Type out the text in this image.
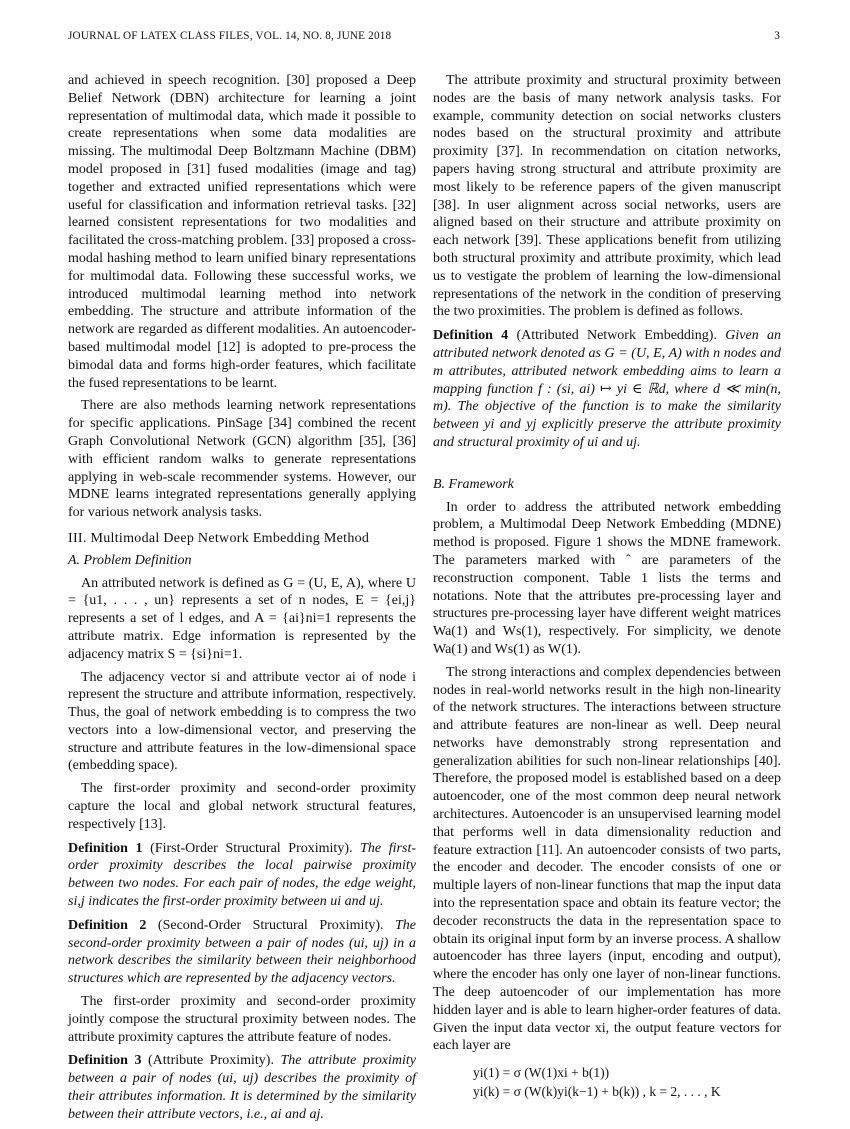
JOURNAL OF LATEX CLASS FILES, VOL. 14, NO. 8, JUNE 2018	3

and achieved in speech recognition. [30] proposed a Deep Belief Network (DBN) architecture for learning a joint representation of multimodal data, which made it possible to create representations when some data modalities are missing. The multimodal Deep Boltzmann Machine (DBM) model proposed in [31] fused modalities (image and tag) together and extracted unified representations which were useful for classification and information retrieval tasks. [32] learned consistent representations for two modalities and facilitated the cross-matching problem. [33] proposed a cross-modal hashing method to learn unified binary representations for multimodal data. Following these successful works, we introduced multimodal learning method into network embedding. The structure and attribute information of the network are regarded as different modalities. An autoencoder-based multimodal model [12] is adopted to pre-process the bimodal data and forms high-order features, which facilitate the fused representations to be learnt.

There are also methods learning network representations for specific applications. PinSage [34] combined the recent Graph Convolutional Network (GCN) algorithm [35], [36] with efficient random walks to generate representations applying in web-scale recommender systems. However, our MDNE learns integrated representations generally applying for various network analysis tasks.

III. Multimodal Deep Network Embedding Method
A. Problem Definition

An attributed network is defined as G = (U, E, A), where U = {u1, . . . , un} represents a set of n nodes, E = {ei,j} represents a set of l edges, and A = {ai}ni=1 represents the attribute matrix. Edge information is represented by the adjacency matrix S = {si}ni=1.

The adjacency vector si and attribute vector ai of node i represent the structure and attribute information, respectively. Thus, the goal of network embedding is to compress the two vectors into a low-dimensional vector, and preserving the structure and attribute features in the low-dimensional space (embedding space).

The first-order proximity and second-order proximity capture the local and global network structural features, respectively [13].

Definition 1 (First-Order Structural Proximity). The first-order proximity describes the local pairwise proximity between two nodes. For each pair of nodes, the edge weight, si,j indicates the first-order proximity between ui and uj.

Definition 2 (Second-Order Structural Proximity). The second-order proximity between a pair of nodes (ui, uj) in a network describes the similarity between their neighborhood structures which are represented by the adjacency vectors.

The first-order proximity and second-order proximity jointly compose the structural proximity between nodes. The attribute proximity captures the attribute feature of nodes.

Definition 3 (Attribute Proximity). The attribute proximity between a pair of nodes (ui, uj) describes the proximity of their attributes information. It is determined by the similarity between their attribute vectors, i.e., ai and aj.

The attribute proximity and structural proximity between nodes are the basis of many network analysis tasks. For example, community detection on social networks clusters nodes based on the structural proximity and attribute proximity [37]. In recommendation on citation networks, papers having strong structural and attribute proximity are most likely to be reference papers of the given manuscript [38]. In user alignment across social networks, users are aligned based on their structure and attribute proximity on each network [39]. These applications benefit from utilizing both structural proximity and attribute proximity, which lead us to vestigate the problem of learning the low-dimensional representations of the network in the condition of preserving the two proximities. The problem is defined as follows.

Definition 4 (Attributed Network Embedding). Given an attributed network denoted as G = (U, E, A) with n nodes and m attributes, attributed network embedding aims to learn a mapping function f : (si, ai) ↦ yi ∈ ℝd, where d ≪ min(n, m). The objective of the function is to make the similarity between yi and yj explicitly preserve the attribute proximity and structural proximity of ui and uj.

B. Framework

In order to address the attributed network embedding problem, a Multimodal Deep Network Embedding (MDNE) method is proposed. Figure 1 shows the MDNE framework. The parameters marked with ˆ are parameters of the reconstruction component. Table 1 lists the terms and notations. Note that the attributes pre-processing layer and structures pre-processing layer have different weight matrices Wa(1) and Ws(1), respectively. For simplicity, we denote Wa(1) and Ws(1) as W(1).

The strong interactions and complex dependencies between nodes in real-world networks result in the high non-linearity of the network structures. The interactions between structure and attribute features are non-linear as well. Deep neural networks have demonstrably strong representation and generalization abilities for such non-linear relationships [40]. Therefore, the proposed model is established based on a deep autoencoder, one of the most common deep neural network architectures. Autoencoder is an unsupervised learning model that performs well in data dimensionality reduction and feature extraction [11]. An autoencoder consists of two parts, the encoder and decoder. The encoder consists of one or multiple layers of non-linear functions that map the input data into the representation space and obtain its feature vector; the decoder reconstructs the data in the representation space to obtain its original input form by an inverse process. A shallow autoencoder has three layers (input, encoding and output), where the encoder has only one layer of non-linear functions. The deep autoencoder of our implementation has more hidden layer and is able to learn higher-order features of data. Given the input data vector xi, the output feature vectors for each layer are

yi(1) = σ (W(1)xi + b(1))
yi(k) = σ (W(k)yi(k−1) + b(k)) , k = 2, . . . , K
